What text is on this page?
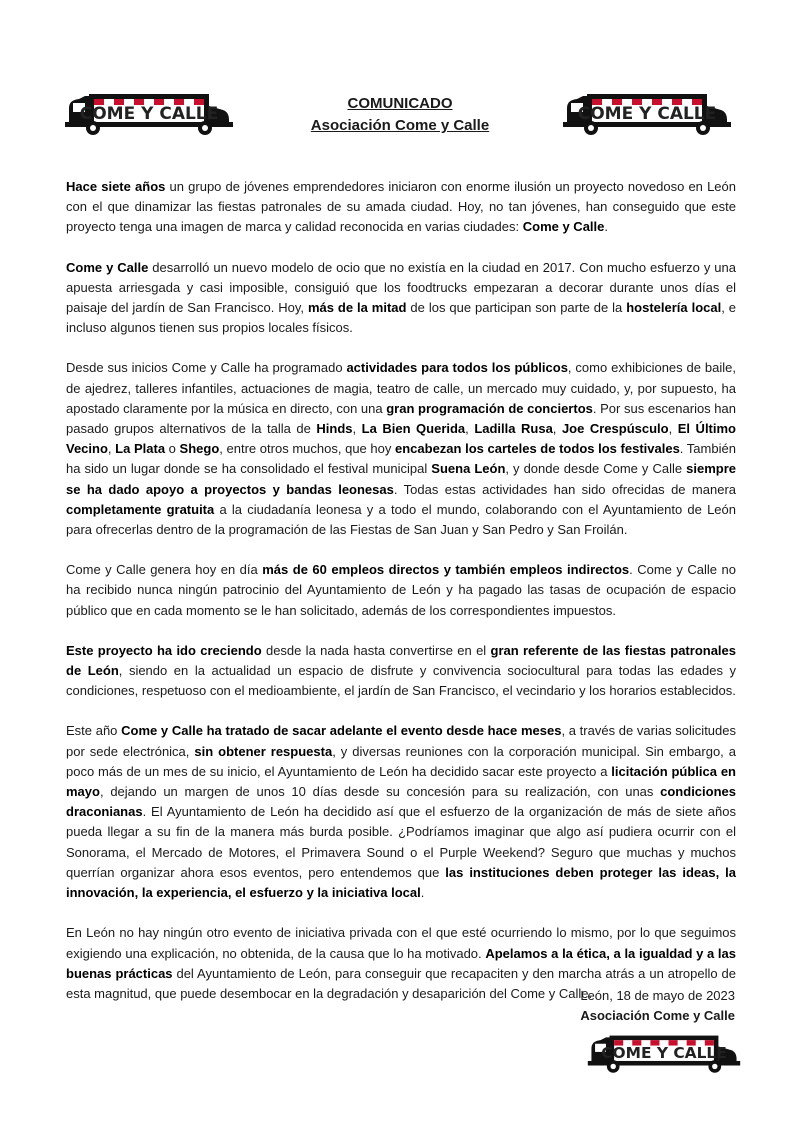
COME Y CALLE
COMUNICADO
Asociación Come y Calle
COME Y CALLE

Hace siete años un grupo de jóvenes emprendedores iniciaron con enorme ilusión un proyecto novedoso en León con el que dinamizar las fiestas patronales de su amada ciudad. Hoy, no tan jóvenes, han conseguido que este proyecto tenga una imagen de marca y calidad reconocida en varias ciudades: Come y Calle.

Come y Calle desarrolló un nuevo modelo de ocio que no existía en la ciudad en 2017. Con mucho esfuerzo y una apuesta arriesgada y casi imposible, consiguió que los foodtrucks empezaran a decorar durante unos días el paisaje del jardín de San Francisco. Hoy, más de la mitad de los que participan son parte de la hostelería local, e incluso algunos tienen sus propios locales físicos.

Desde sus inicios Come y Calle ha programado actividades para todos los públicos, como exhibiciones de baile, de ajedrez, talleres infantiles, actuaciones de magia, teatro de calle, un mercado muy cuidado, y, por supuesto, ha apostado claramente por la música en directo, con una gran programación de conciertos. Por sus escenarios han pasado grupos alternativos de la talla de Hinds, La Bien Querida, Ladilla Rusa, Joe Crespúsculo, El Último Vecino, La Plata o Shego, entre otros muchos, que hoy encabezan los carteles de todos los festivales. También ha sido un lugar donde se ha consolidado el festival municipal Suena León, y donde desde Come y Calle siempre se ha dado apoyo a proyectos y bandas leonesas. Todas estas actividades han sido ofrecidas de manera completamente gratuita a la ciudadanía leonesa y a todo el mundo, colaborando con el Ayuntamiento de León para ofrecerlas dentro de la programación de las Fiestas de San Juan y San Pedro y San Froilán.

Come y Calle genera hoy en día más de 60 empleos directos y también empleos indirectos. Come y Calle no ha recibido nunca ningún patrocinio del Ayuntamiento de León y ha pagado las tasas de ocupación de espacio público que en cada momento se le han solicitado, además de los correspondientes impuestos.

Este proyecto ha ido creciendo desde la nada hasta convertirse en el gran referente de las fiestas patronales de León, siendo en la actualidad un espacio de disfrute y convivencia sociocultural para todas las edades y condiciones, respetuoso con el medioambiente, el jardín de San Francisco, el vecindario y los horarios establecidos.

Este año Come y Calle ha tratado de sacar adelante el evento desde hace meses, a través de varias solicitudes por sede electrónica, sin obtener respuesta, y diversas reuniones con la corporación municipal. Sin embargo, a poco más de un mes de su inicio, el Ayuntamiento de León ha decidido sacar este proyecto a licitación pública en mayo, dejando un margen de unos 10 días desde su concesión para su realización, con unas condiciones draconianas. El Ayuntamiento de León ha decidido así que el esfuerzo de la organización de más de siete años pueda llegar a su fin de la manera más burda posible. ¿Podríamos imaginar que algo así pudiera ocurrir con el Sonorama, el Mercado de Motores, el Primavera Sound o el Purple Weekend? Seguro que muchas y muchos querrían organizar ahora esos eventos, pero entendemos que las instituciones deben proteger las ideas, la innovación, la experiencia, el esfuerzo y la iniciativa local.

En León no hay ningún otro evento de iniciativa privada con el que esté ocurriendo lo mismo, por lo que seguimos exigiendo una explicación, no obtenida, de la causa que lo ha motivado. Apelamos a la ética, a la igualdad y a las buenas prácticas del Ayuntamiento de León, para conseguir que recapaciten y den marcha atrás a un atropello de esta magnitud, que puede desembocar en la degradación y desaparición del Come y Calle.

León, 18 de mayo de 2023
Asociación Come y Calle
COME Y CALLE
